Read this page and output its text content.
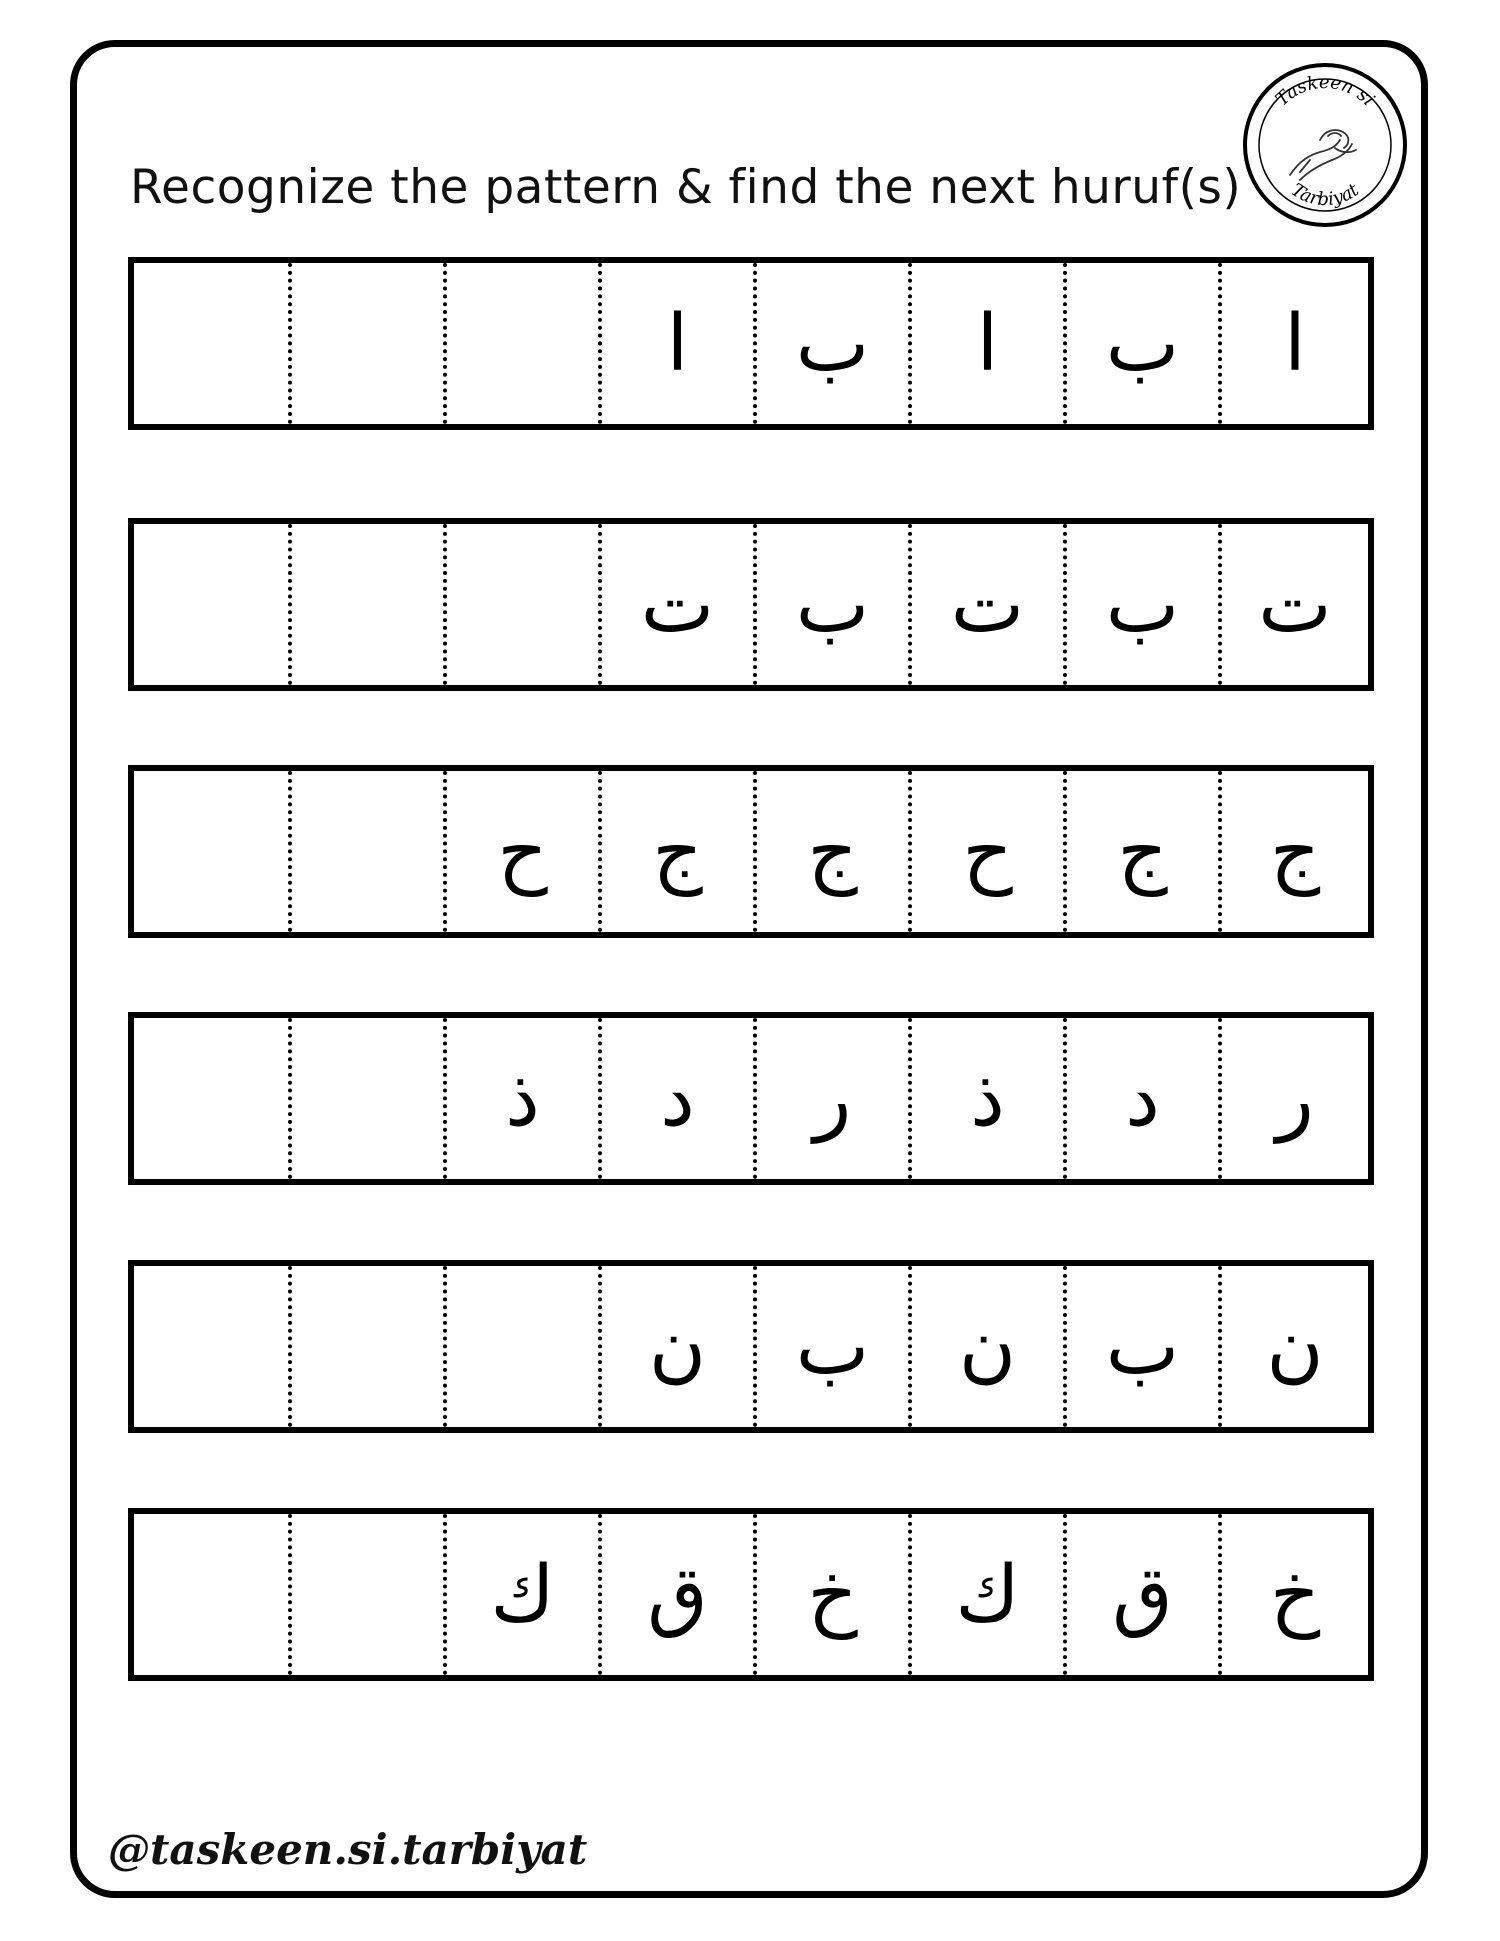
Recognize the pattern & find the next huruf(s)
Taskeen si
Tarbiyat
ا
ب
ا
ب
ا
ت
ب
ت
ب
ت
ج
ج
ح
ج
ج
ح
ر
د
ذ
ر
د
ذ
ن
ب
ن
ب
ن
خ
ق
ك
خ
ق
ك
@taskeen.si.tarbiyat
